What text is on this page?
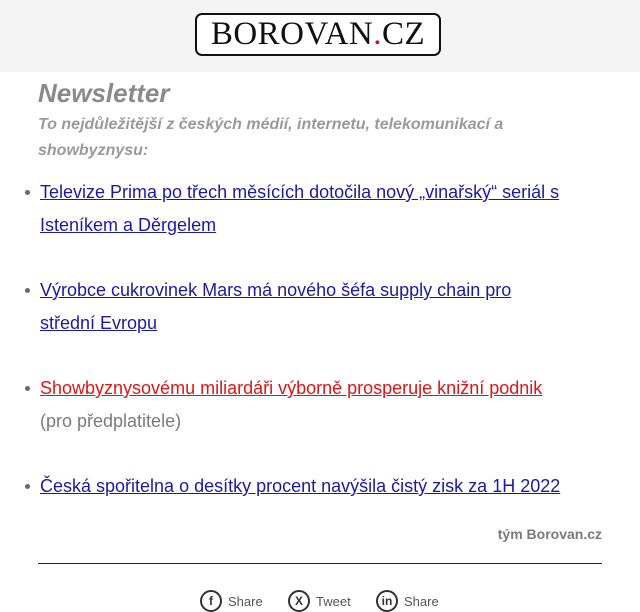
BOROVAN . CZ
Newsletter

To nejdůležitější z českých médií, internetu, telekomunikací a showbyznysu:

Televize Prima po třech měsících dotočila nový „vinařský“ seriál s Isteníkem a Děrgelem
Výrobce cukrovinek Mars má nového šéfa supply chain pro střední Evropu
Showbyznysovému miliardáři výborně prosperuje knižní podnik
(pro předplatitele)
Česká spořitelna o desítky procent navýšila čistý zisk za 1H 2022
tým Borovan.cz
f	Share	X	Tweet	in Share
